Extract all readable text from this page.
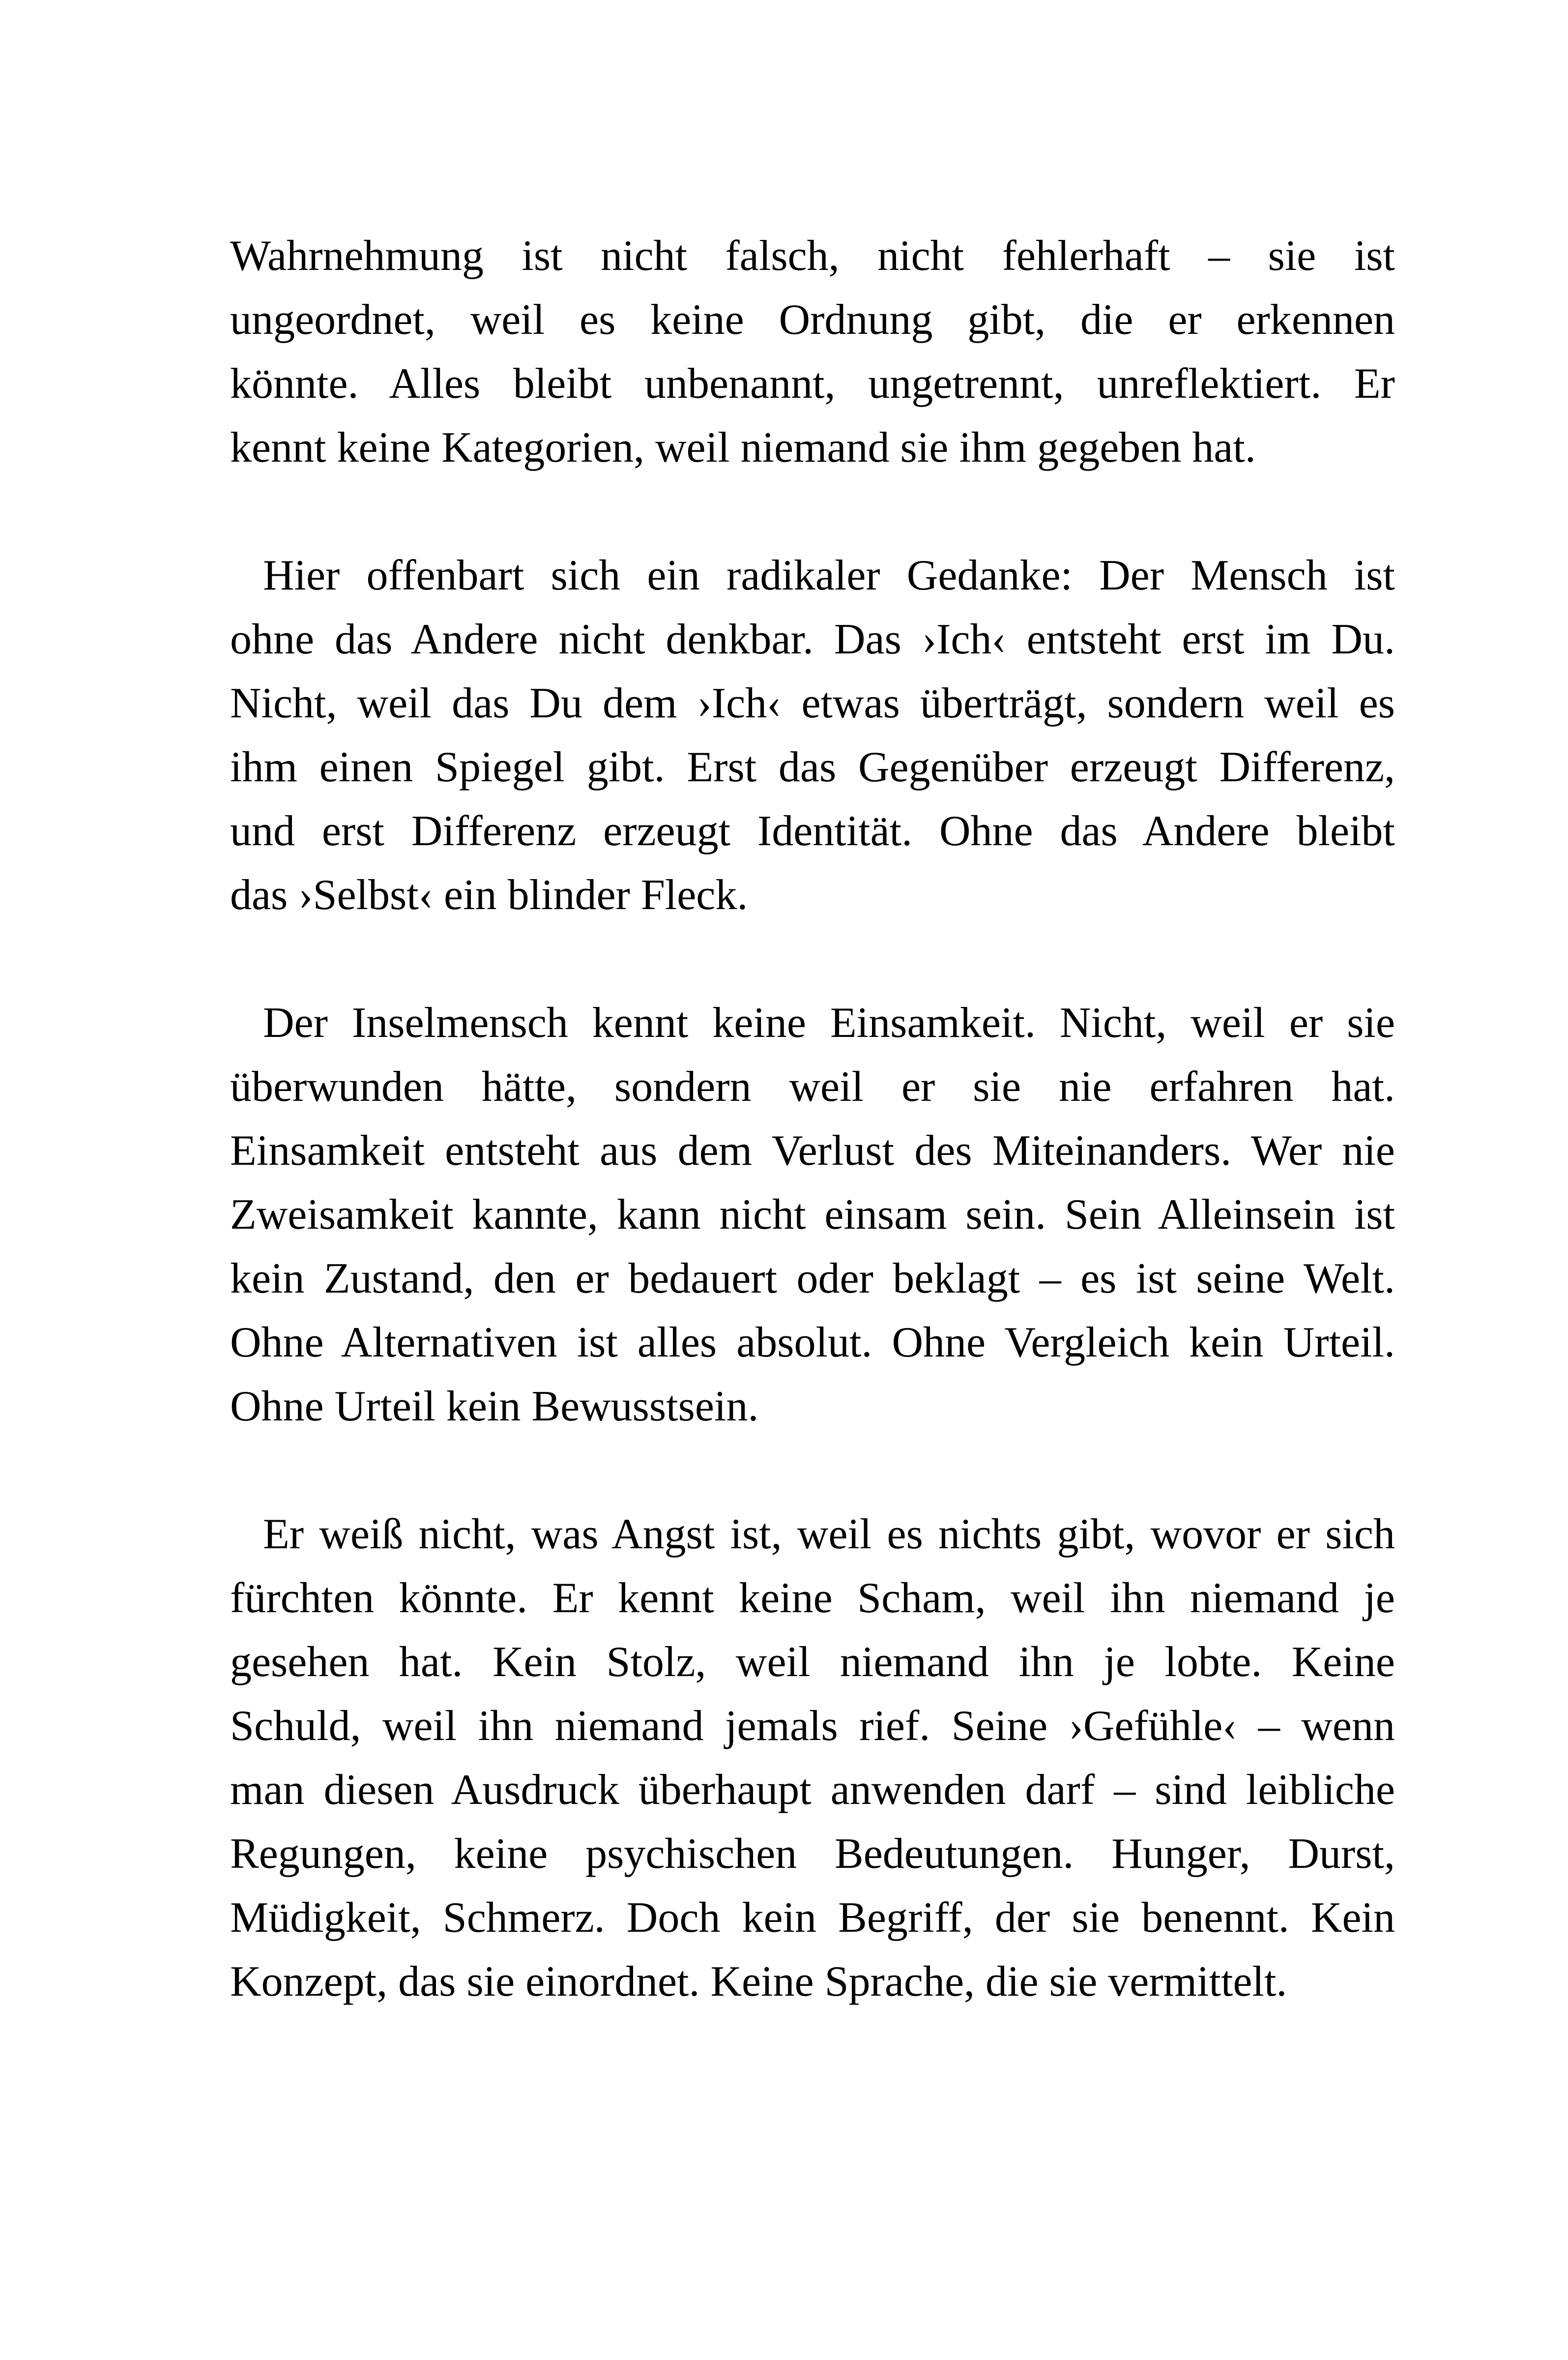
Wahrnehmung ist nicht falsch, nicht fehlerhaft – sie ist
ungeordnet, weil es keine Ordnung gibt, die er erkennen
könnte. Alles bleibt unbenannt, ungetrennt, unreflektiert. Er
kennt keine Kategorien, weil niemand sie ihm gegeben hat.
Hier offenbart sich ein radikaler Gedanke: Der Mensch ist
ohne das Andere nicht denkbar. Das ›Ich‹ entsteht erst im Du.
Nicht, weil das Du dem ›Ich‹ etwas überträgt, sondern weil es
ihm einen Spiegel gibt. Erst das Gegenüber erzeugt Differenz,
und erst Differenz erzeugt Identität. Ohne das Andere bleibt
das ›Selbst‹ ein blinder Fleck.
Der Inselmensch kennt keine Einsamkeit. Nicht, weil er sie
überwunden hätte, sondern weil er sie nie erfahren hat.
Einsamkeit entsteht aus dem Verlust des Miteinanders. Wer nie
Zweisamkeit kannte, kann nicht einsam sein. Sein Alleinsein ist
kein Zustand, den er bedauert oder beklagt – es ist seine Welt.
Ohne Alternativen ist alles absolut. Ohne Vergleich kein Urteil.
Ohne Urteil kein Bewusstsein.
Er weiß nicht, was Angst ist, weil es nichts gibt, wovor er sich
fürchten könnte. Er kennt keine Scham, weil ihn niemand je
gesehen hat. Kein Stolz, weil niemand ihn je lobte. Keine
Schuld, weil ihn niemand jemals rief. Seine ›Gefühle‹ – wenn
man diesen Ausdruck überhaupt anwenden darf – sind leibliche
Regungen, keine psychischen Bedeutungen. Hunger, Durst,
Müdigkeit, Schmerz. Doch kein Begriff, der sie benennt. Kein
Konzept, das sie einordnet. Keine Sprache, die sie vermittelt.
